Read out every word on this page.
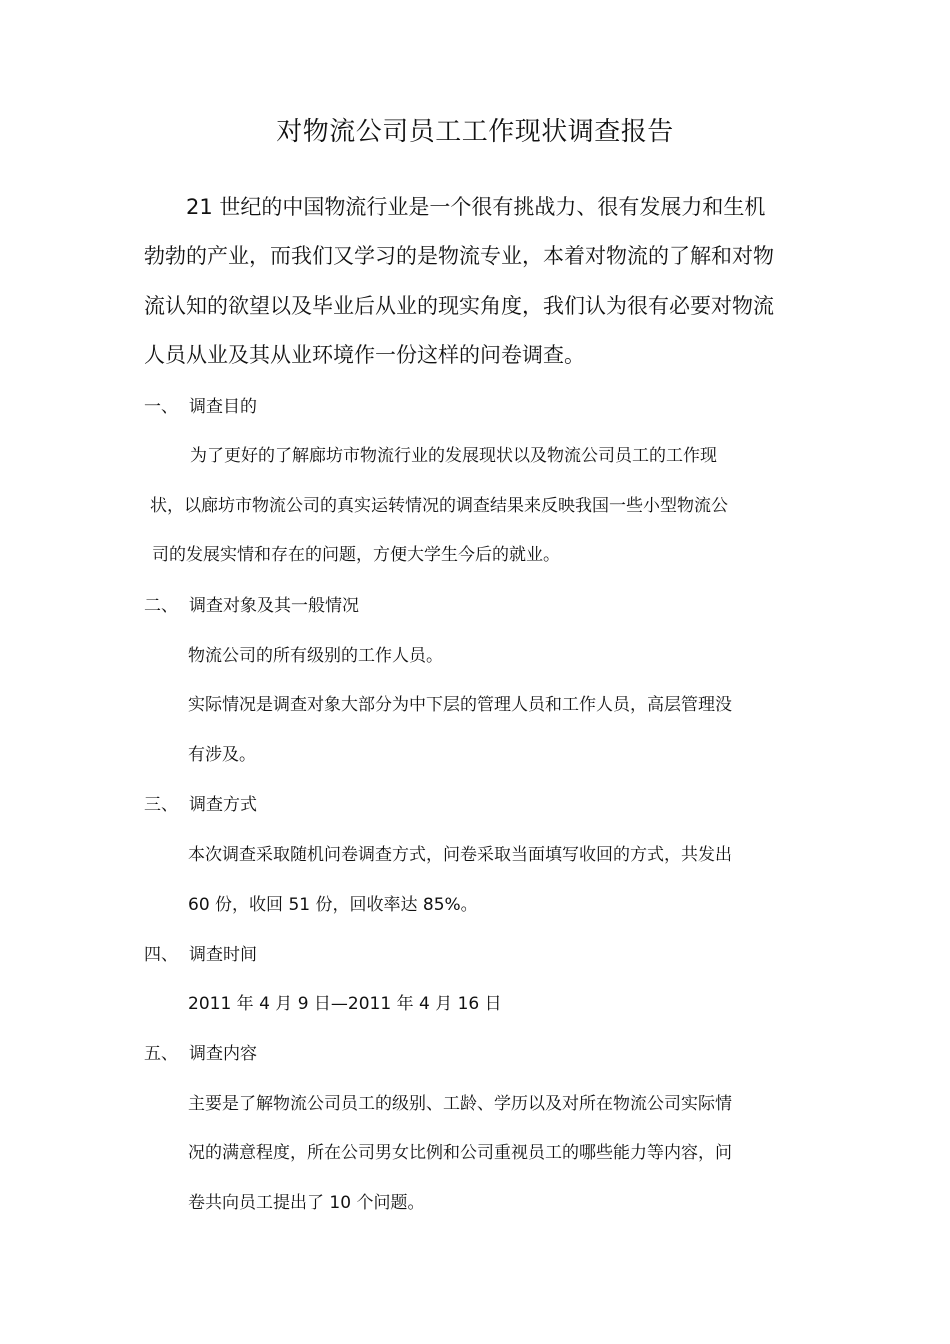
对物流公司员工工作现状调查报告
21 世纪的中国物流行业是一个很有挑战力、很有发展力和生机
勃勃的产业，而我们又学习的是物流专业，本着对物流的了解和对物
流认知的欲望以及毕业后从业的现实角度，我们认为很有必要对物流
人员从业及其从业环境作一份这样的问卷调查。
一、 调查目的
为了更好的了解廊坊市物流行业的发展现状以及物流公司员工的工作现
状，以廊坊市物流公司的真实运转情况的调查结果来反映我国一些小型物流公
司的发展实情和存在的问题，方便大学生今后的就业。
二、 调查对象及其一般情况
物流公司的所有级别的工作人员。
实际情况是调查对象大部分为中下层的管理人员和工作人员，高层管理没
有涉及。
三、 调查方式
本次调查采取随机问卷调查方式，问卷采取当面填写收回的方式，共发出
60 份，收回 51 份，回收率达 85%。
四、 调查时间
2011 年 4 月 9 日—2011 年 4 月 16 日
五、 调查内容
主要是了解物流公司员工的级别、工龄、学历以及对所在物流公司实际情
况的满意程度，所在公司男女比例和公司重视员工的哪些能力等内容，问
卷共向员工提出了 10 个问题。
